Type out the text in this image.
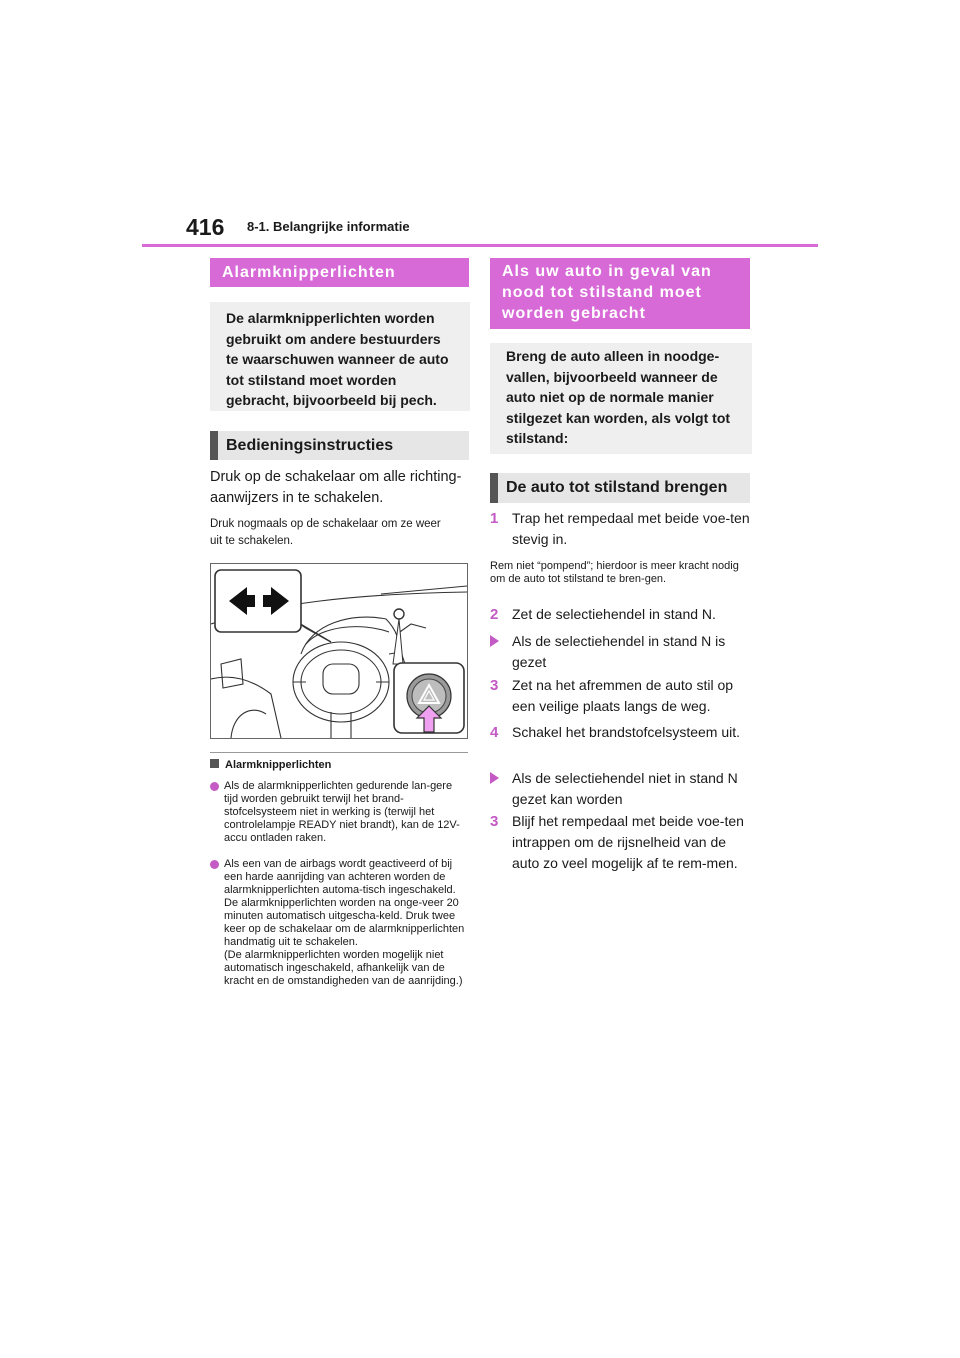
416 8-1. Belangrijke informatie
Alarmknipperlichten
De alarmknipperlichten worden gebruikt om andere bestuurders te waarschuwen wanneer de auto tot stilstand moet worden gebracht, bijvoorbeeld bij pech.
Bedieningsinstructies
Druk op de schakelaar om alle richting-aanwijzers in te schakelen.
Druk nogmaals op de schakelaar om ze weer uit te schakelen.
Alarmknipperlichten
Als de alarmknipperlichten gedurende lan-gere tijd worden gebruikt terwijl het brand-stofcelsysteem niet in werking is (terwijl het controlelampje READY niet brandt), kan de 12V-accu ontladen raken.
Als een van de airbags wordt geactiveerd of bij een harde aanrijding van achteren worden de alarmknipperlichten automa-tisch ingeschakeld.
De alarmknipperlichten worden na onge-veer 20 minuten automatisch uitgescha-keld. Druk twee keer op de schakelaar om de alarmknipperlichten handmatig uit te schakelen.
(De alarmknipperlichten worden mogelijk niet automatisch ingeschakeld, afhankelijk van de kracht en de omstandigheden van de aanrijding.)
Als uw auto in geval van nood tot stilstand moet worden gebracht
Breng de auto alleen in noodge-vallen, bijvoorbeeld wanneer de auto niet op de normale manier stilgezet kan worden, als volgt tot stilstand:
De auto tot stilstand brengen
1 Trap het rempedaal met beide voe-ten stevig in.
Rem niet “pompend”; hierdoor is meer kracht nodig om de auto tot stilstand te bren-gen.
2 Zet de selectiehendel in stand N.
Als de selectiehendel in stand N is gezet
3 Zet na het afremmen de auto stil op een veilige plaats langs de weg.
4 Schakel het brandstofcelsysteem uit.
Als de selectiehendel niet in stand N gezet kan worden
3 Blijf het rempedaal met beide voe-ten intrappen om de rijsnelheid van de auto zo veel mogelijk af te rem-men.
